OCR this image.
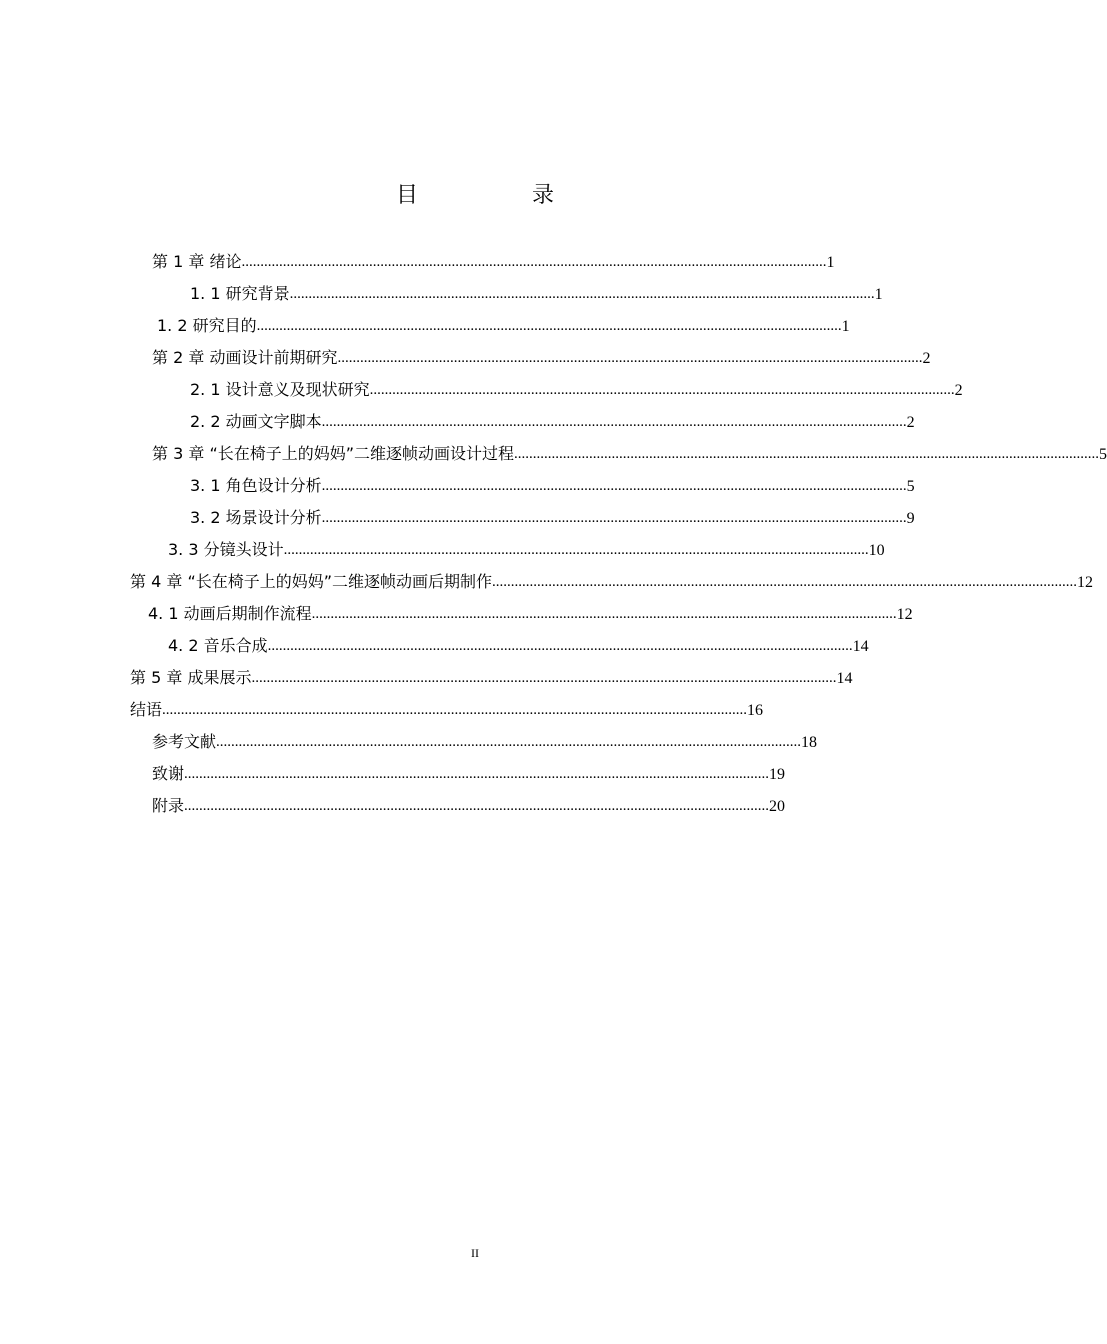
目　录
第 1 章 绪论 ............................................................................................................................................................ 1
1. 1 研究背景 ............................................................................................................................................................ 1
1. 2 研究目的 ............................................................................................................................................................ 1
第 2 章 动画设计前期研究 ............................................................................................................................................................ 2
2. 1 设计意义及现状研究 ............................................................................................................................................................ 2
2. 2 动画文字脚本 ............................................................................................................................................................ 2
第 3 章 “长在椅子上的妈妈”二维逐帧动画设计过程 ............................................................................................................................................................ 5
3. 1 角色设计分析 ............................................................................................................................................................ 5
3. 2 场景设计分析 ............................................................................................................................................................ 9
3. 3 分镜头设计 ............................................................................................................................................................ 10
第 4 章 “长在椅子上的妈妈”二维逐帧动画后期制作 ............................................................................................................................................................ 12
4. 1 动画后期制作流程 ............................................................................................................................................................ 12
4. 2 音乐合成 ............................................................................................................................................................ 14
第 5 章 成果展示 ............................................................................................................................................................ 14
结语 ............................................................................................................................................................ 16
参考文献 ............................................................................................................................................................ 18
致谢 ............................................................................................................................................................ 19
附录 ............................................................................................................................................................ 20
II
